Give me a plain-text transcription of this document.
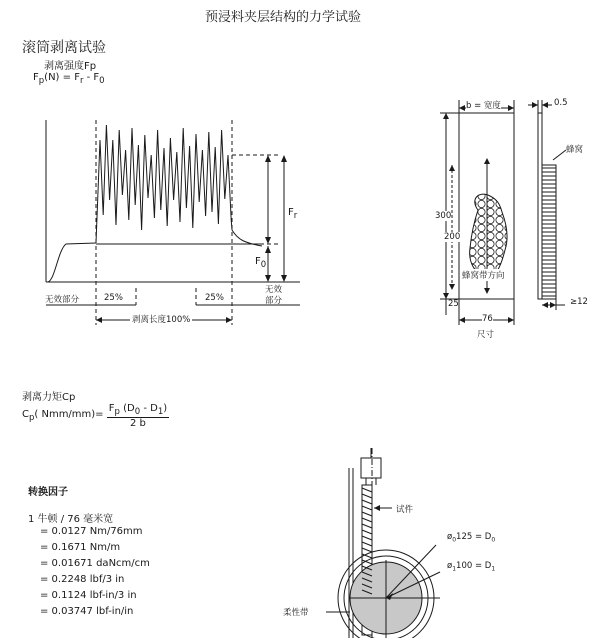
预浸料夹层结构的力学试验
滚筒剥离试验
剥离强度Fp
$F_p(N) = F_r - F_0$
$F_r$
$F_0$
无效部分	25%	25%
无效
部分
剥离长度100%
b = 宽度	0.5
蜂窝
300
200
25
蜂窝带方向
76
≥12
尺寸
剥离力矩Cp
$C_p$( $Nmm/mm)= \frac{F_p (D_0 - D_1)}{2 b}$
转换因子
1 牛顿 / 76 毫米宽
= 0.0127 Nm/76mm
= 0.1671 Nm/m
= 0.01671 daNcm/cm
= 0.2248 lbf/3 in
= 0.1124 lbf-in/3 in
= 0.03747 lbf-in/in
试件
$ø_0125 = D_0$
$ø_1100 = D_1$
柔性带
